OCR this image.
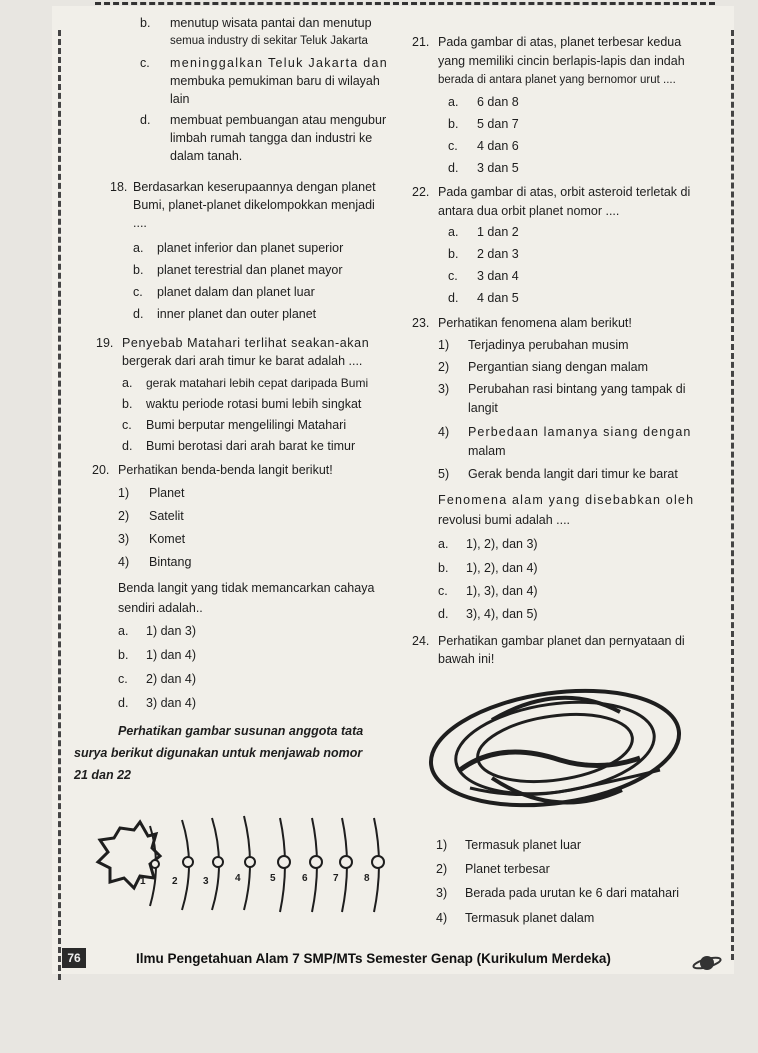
b. menutup wisata pantai dan menutup
semua industry di sekitar Teluk Jakarta
c. meninggalkan Teluk Jakarta dan
membuka pemukiman baru di wilayah
lain
d. membuat pembuangan atau mengubur
limbah rumah tangga dan industri ke
dalam tanah.
18. Berdasarkan keserupaannya dengan planet
Bumi, planet-planet dikelompokkan menjadi
....
a. planet inferior dan planet superior
b. planet terestrial dan planet mayor
c. planet dalam dan planet luar
d. inner planet dan outer planet
19. Penyebab Matahari terlihat seakan-akan
bergerak dari arah timur ke barat adalah ....
a. gerak matahari lebih cepat daripada Bumi
b. waktu periode rotasi bumi lebih singkat
c. Bumi berputar mengelilingi Matahari
d. Bumi berotasi dari arah barat ke timur
20. Perhatikan benda-benda langit berikut!
1) Planet
2) Satelit
3) Komet
4) Bintang
Benda langit yang tidak memancarkan cahaya
sendiri adalah..
a. 1) dan 3)
b. 1) dan 4)
c. 2) dan 4)
d. 3) dan 4)
Perhatikan gambar susunan anggota tata
surya berikut digunakan untuk menjawab nomor
21 dan 22
1	2	3	4	5	6	7	8
21. Pada gambar di atas, planet terbesar kedua
yang memiliki cincin berlapis-lapis dan indah
berada di antara planet yang bernomor urut ....
a. 6 dan 8
b. 5 dan 7
c. 4 dan 6
d. 3 dan 5
22. Pada gambar di atas, orbit asteroid terletak di
antara dua orbit planet nomor ....
a. 1 dan 2
b. 2 dan 3
c. 3 dan 4
d. 4 dan 5
23. Perhatikan fenomena alam berikut!
1) Terjadinya perubahan musim
2) Pergantian siang dengan malam
3) Perubahan rasi bintang yang tampak di
langit
4) Perbedaan lamanya siang dengan
malam
5) Gerak benda langit dari timur ke barat
Fenomena alam yang disebabkan oleh
revolusi bumi adalah ....
a. 1), 2), dan 3)
b. 1), 2), dan 4)
c. 1), 3), dan 4)
d. 3), 4), dan 5)
24. Perhatikan gambar planet dan pernyataan di
bawah ini!
1) Termasuk planet luar
2) Planet terbesar
3) Berada pada urutan ke 6 dari matahari
4) Termasuk planet dalam
76	Ilmu Pengetahuan Alam 7 SMP/MTs Semester Genap (Kurikulum Merdeka)
